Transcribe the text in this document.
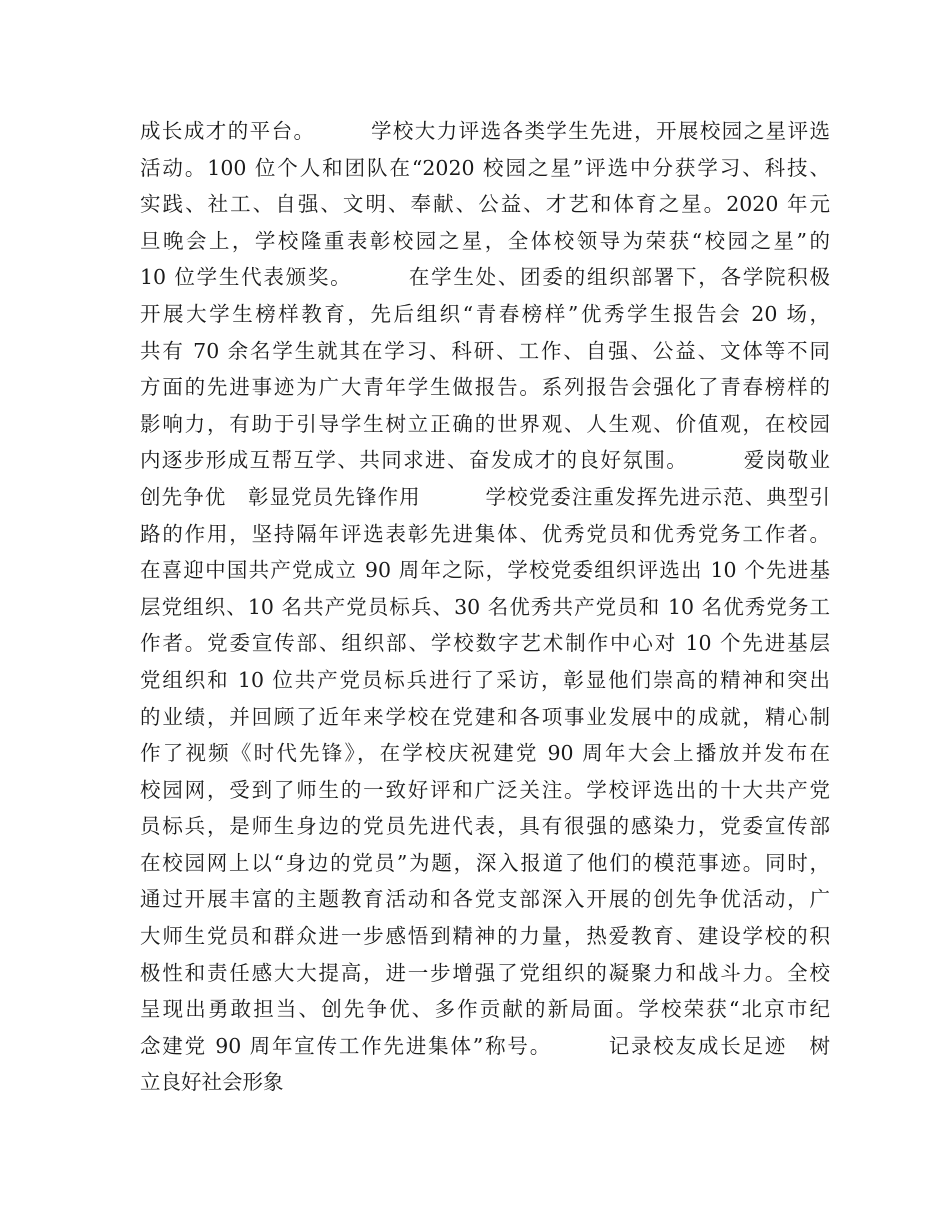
成长成才的平台。　　　学校大力评选各类学生先进，开展校园之星评选
活动。100 位个人和团队在“2020 校园之星”评选中分获学习、科技、
实践、社工、自强、文明、奉献、公益、才艺和体育之星。2020 年元
旦晚会上，学校隆重表彰校园之星，全体校领导为荣获“校园之星”的
10 位学生代表颁奖。　　　在学生处、团委的组织部署下，各学院积极
开展大学生榜样教育，先后组织“青春榜样”优秀学生报告会 20 场，
共有 70 余名学生就其在学习、科研、工作、自强、公益、文体等不同
方面的先进事迹为广大青年学生做报告。系列报告会强化了青春榜样的
影响力，有助于引导学生树立正确的世界观、人生观、价值观，在校园
内逐步形成互帮互学、共同求进、奋发成才的良好氛围。　　　爱岗敬业
创先争优　彰显党员先锋作用　　　学校党委注重发挥先进示范、典型引
路的作用，坚持隔年评选表彰先进集体、优秀党员和优秀党务工作者。
在喜迎中国共产党成立 90 周年之际，学校党委组织评选出 10 个先进基
层党组织、10 名共产党员标兵、30 名优秀共产党员和 10 名优秀党务工
作者。党委宣传部、组织部、学校数字艺术制作中心对 10 个先进基层
党组织和 10 位共产党员标兵进行了采访，彰显他们崇高的精神和突出
的业绩，并回顾了近年来学校在党建和各项事业发展中的成就，精心制
作了视频《时代先锋》，在学校庆祝建党 90 周年大会上播放并发布在
校园网，受到了师生的一致好评和广泛关注。学校评选出的十大共产党
员标兵，是师生身边的党员先进代表，具有很强的感染力，党委宣传部
在校园网上以“身边的党员”为题，深入报道了他们的模范事迹。同时，
通过开展丰富的主题教育活动和各党支部深入开展的创先争优活动，广
大师生党员和群众进一步感悟到精神的力量，热爱教育、建设学校的积
极性和责任感大大提高，进一步增强了党组织的凝聚力和战斗力。全校
呈现出勇敢担当、创先争优、多作贡献的新局面。学校荣获“北京市纪
念建党 90 周年宣传工作先进集体”称号。　　　记录校友成长足迹　树
立良好社会形象
